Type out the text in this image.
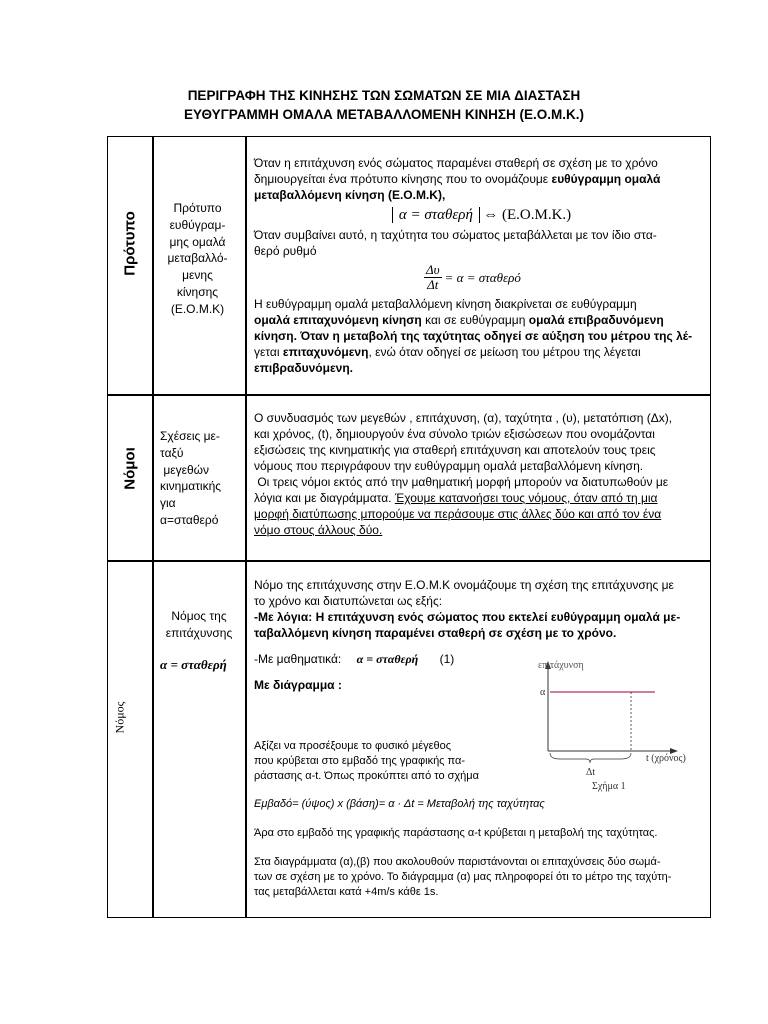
ΠΕΡΙΓΡΑΦΗ ΤΗΣ ΚΙΝΗΣΗΣ ΤΩΝ ΣΩΜΑΤΩΝ ΣΕ ΜΙΑ ΔΙΑΣΤΑΣΗ
ΕΥΘΥΓΡΑΜΜΗ ΟΜΑΛΑ ΜΕΤΑΒΑΛΛΟΜΕΝΗ ΚΙΝΗΣΗ (Ε.Ο.Μ.Κ.)
Πρότυπο
Πρότυπο
ευθύγραμ-
μης ομαλά
μεταβαλλό-
μενης
κίνησης
(Ε.Ο.Μ.Κ)

Όταν η επιτάχυνση ενός σώματος παραμένει σταθερή σε σχέση με το χρόνο

δημιουργείται ένα πρότυπο κίνησης που το ονομάζουμε ευθύγραμμη ομαλά

μεταβαλλόμενη κίνηση (Ε.Ο.Μ.Κ),

α = σταθερή ⇔ (Ε.Ο.Μ.Κ.)

Όταν συμβαίνει αυτό, η ταχύτητα του σώματος μεταβάλλεται με τον ίδιο στα-

θερό ρυθμό

$\frac{\Delta\upsilon}{\Delta t} = \alpha = \sigma\tau\alpha\theta\varepsilon\rho ό$

Η ευθύγραμμη ομαλά μεταβαλλόμενη κίνηση διακρίνεται σε ευθύγραμμη

ομαλά επιταχυνόμενη κίνηση και σε ευθύγραμμη ομαλά επιβραδυνόμενη

κίνηση. Όταν η μεταβολή της ταχύτητας οδηγεί σε αύξηση του μέτρου της λέ-

γεται επιταχυνόμενη, ενώ όταν οδηγεί σε μείωση του μέτρου της λέγεται

επιβραδυνόμενη.

Νόμοι
Σχέσεις με-
ταξύ
μεγεθών
κινηματικής
για
α=σταθερό

Ο συνδυασμός των μεγεθών , επιτάχυνση, (α), ταχύτητα , (υ), μετατόπιση (Δx),

και χρόνος, (t), δημιουργούν ένα σύνολο τριών εξισώσεων που ονομάζονται

εξισώσεις της κινηματικής για σταθερή επιτάχυνση και αποτελούν τους τρεις

νόμους που περιγράφουν την ευθύγραμμη ομαλά μεταβαλλόμενη κίνηση.

Οι τρεις νόμοι εκτός από την μαθηματική μορφή μπορούν να διατυπωθούν με

λόγια και με διαγράμματα. Έχουμε κατανοήσει τους νόμους, όταν από τη μια

μορφή διατύπωσης μπορούμε να περάσουμε στις άλλες δύο και από τον ένα

νόμο στους άλλους δύο.

Νόμος
Νόμος της
επιτάχυνσης
α = σταθερή

Νόμο της επιτάχυνσης στην Ε.Ο.Μ.Κ ονομάζουμε τη σχέση της επιτάχυνσης με

το χρόνο και διατυπώνεται ως εξής:

-Με λόγια: Η επιτάχυνση ενός σώματος που εκτελεί ευθύγραμμη ομαλά με-

ταβαλλόμενη κίνηση παραμένει σταθερή σε σχέση με το χρόνο.

-Με μαθηματικά: α = σταθερή (1)

Με διάγραμμα :

Αξίζει να προσέξουμε το φυσικό μέγεθος

που κρύβεται στο εμβαδό της γραφικής πα-

ράστασης α-t. Όπως προκύπτει από το σχήμα

Εμβαδό= (ύψος) x (βάση)= α · Δt = Μεταβολή της ταχύτητας

Άρα στο εμβαδό της γραφικής παράστασης α-t κρύβεται η μεταβολή της ταχύτητας.

Στα διαγράμματα (α),(β) που ακολουθούν παριστάνονται οι επιταχύνσεις δύο σωμά-

των σε σχέση με το χρόνο. Το διάγραμμα (α) μας πληροφορεί ότι το μέτρο της ταχύτη-

τας μεταβάλλεται κατά +4m/s κάθε 1s.

επιτάχυνση
α
Δt
t (χρόνος)
Σχήμα 1
